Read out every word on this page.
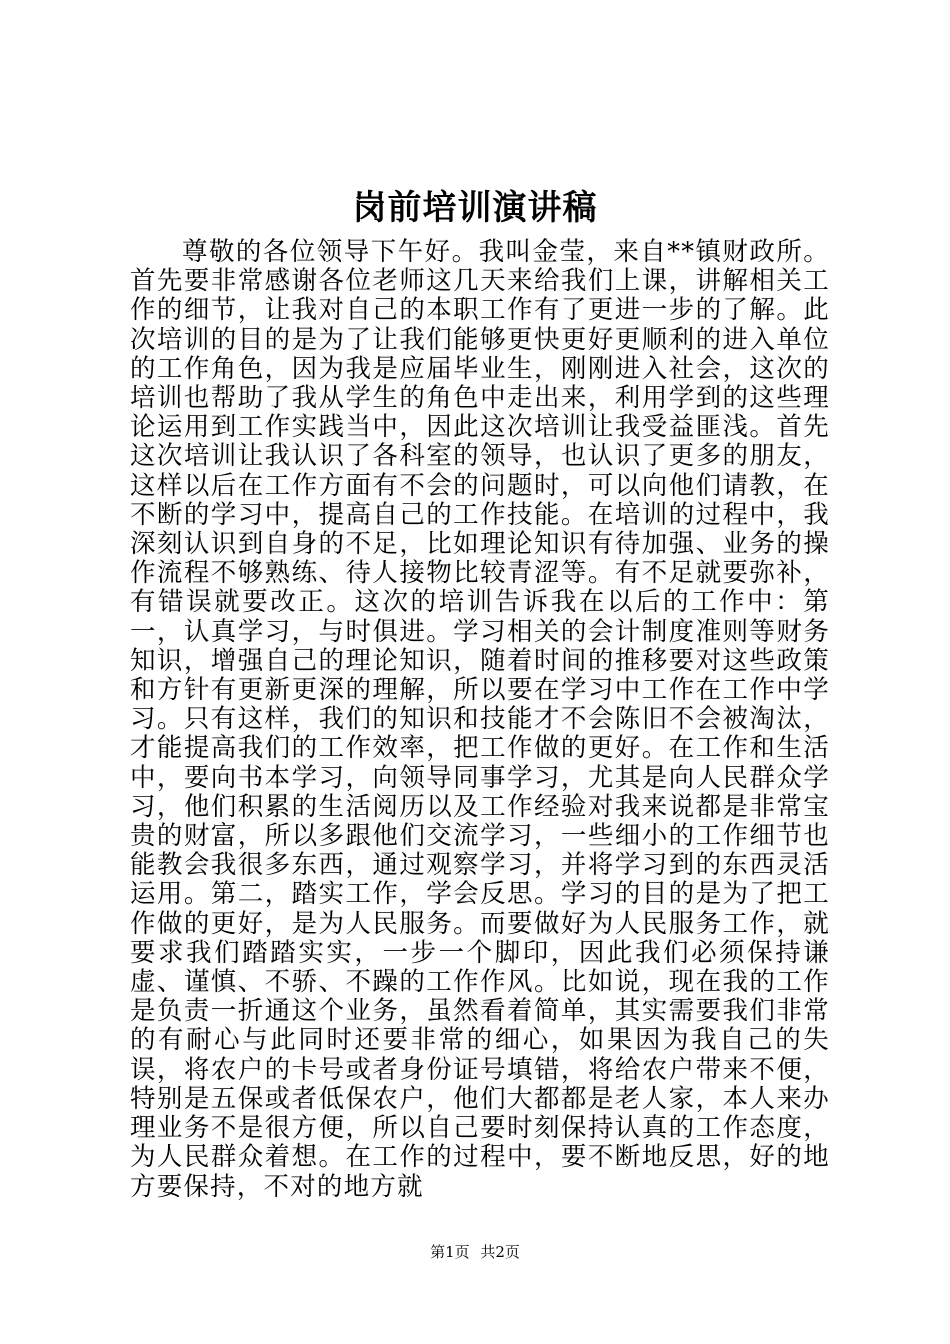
岗前培训演讲稿

尊敬的各位领导下午好。我叫金莹，来自**镇财政所。首先要非常感谢各位老师这几天来给我们上课，讲解相关工作的细节，让我对自己的本职工作有了更进一步的了解。此次培训的目的是为了让我们能够更快更好更顺利的进入单位的工作角色，因为我是应届毕业生，刚刚进入社会，这次的培训也帮助了我从学生的角色中走出来，利用学到的这些理论运用到工作实践当中，因此这次培训让我受益匪浅。首先这次培训让我认识了各科室的领导，也认识了更多的朋友，这样以后在工作方面有不会的问题时，可以向他们请教，在不断的学习中，提高自己的工作技能。在培训的过程中，我深刻认识到自身的不足，比如理论知识有待加强、业务的操作流程不够熟练、待人接物比较青涩等。有不足就要弥补，有错误就要改正。这次的培训告诉我在以后的工作中：第一，认真学习，与时俱进。学习相关的会计制度准则等财务知识，增强自己的理论知识，随着时间的推移要对这些政策和方针有更新更深的理解，所以要在学习中工作在工作中学习。只有这样，我们的知识和技能才不会陈旧不会被淘汰，才能提高我们的工作效率，把工作做的更好。在工作和生活中，要向书本学习，向领导同事学习，尤其是向人民群众学习，他们积累的生活阅历以及工作经验对我来说都是非常宝贵的财富，所以多跟他们交流学习，一些细小的工作细节也能教会我很多东西，通过观察学习，并将学习到的东西灵活运用。第二，踏实工作，学会反思。学习的目的是为了把工作做的更好，是为人民服务。而要做好为人民服务工作，就要求我们踏踏实实，一步一个脚印，因此我们必须保持谦虚、谨慎、不骄、不躁的工作作风。比如说，现在我的工作是负责一折通这个业务，虽然看着简单，其实需要我们非常的有耐心与此同时还要非常的细心，如果因为我自己的失误，将农户的卡号或者身份证号填错，将给农户带来不便，特别是五保或者低保农户，他们大都都是老人家，本人来办理业务不是很方便，所以自己要时刻保持认真的工作态度，为人民群众着想。在工作的过程中，要不断地反思，好的地方要保持，不对的地方就

第1页 共2页
